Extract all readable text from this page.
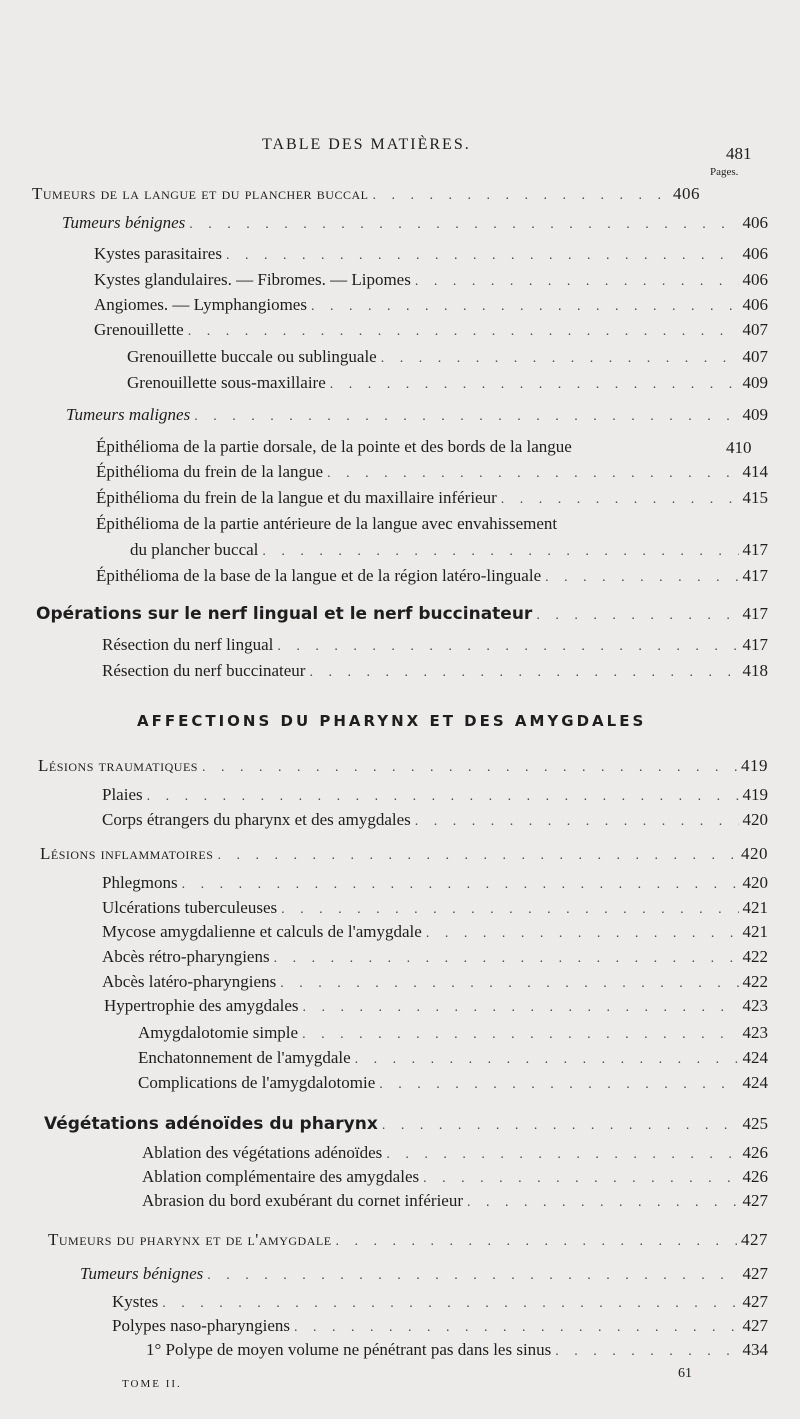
TABLE DES MATIÈRES.	481
Pages.
Tumeurs de la langue et du plancher buccal . . .	406
Tumeurs bénignes . . .	406
Kystes parasitaires . . .	406
Kystes glandulaires. — Fibromes. — Lipomes . . .	406
Angiomes. — Lymphangiomes . . .	406
Grenouillette . . .	407
Grenouillette buccale ou sublinguale . . .	407
Grenouillette sous-maxillaire . . .	409
Tumeurs malignes . . .	409
Épithélioma de la partie dorsale, de la pointe et des bords de la langue	410
Épithélioma du frein de la langue . . .	414
Épithélioma du frein de la langue et du maxillaire inférieur . . .	415
Épithélioma de la partie antérieure de la langue avec envahissement
du plancher buccal . . .	417
Épithélioma de la base de la langue et de la région latéro-linguale . . .	417
Opérations sur le nerf lingual et le nerf buccinateur . . .	417
Résection du nerf lingual . . .	417
Résection du nerf buccinateur . . .	418
AFFECTIONS DU PHARYNX ET DES AMYGDALES
Lésions traumatiques . . .	419
Plaies . . .	419
Corps étrangers du pharynx et des amygdales . . .	420
Lésions inflammatoires . . .	420
Phlegmons . . .	420
Ulcérations tuberculeuses . . .	421
Mycose amygdalienne et calculs de l'amygdale . . .	421
Abcès rétro-pharyngiens . . .	422
Abcès latéro-pharyngiens . . .	422
Hypertrophie des amygdales . . .	423
Amygdalotomie simple . . .	423
Enchatonnement de l'amygdale . . .	424
Complications de l'amygdalotomie . . .	424
Végétations adénoïdes du pharynx . . .	425
Ablation des végétations adénoïdes . . .	426
Ablation complémentaire des amygdales . . .	426
Abrasion du bord exubérant du cornet inférieur . . .	427
Tumeurs du pharynx et de l'amygdale . . .	427
Tumeurs bénignes . . .	427
Kystes . . .	427
Polypes naso-pharyngiens . . .	427
1° Polype de moyen volume ne pénétrant pas dans les sinus . . .	434
TOME II.
61
